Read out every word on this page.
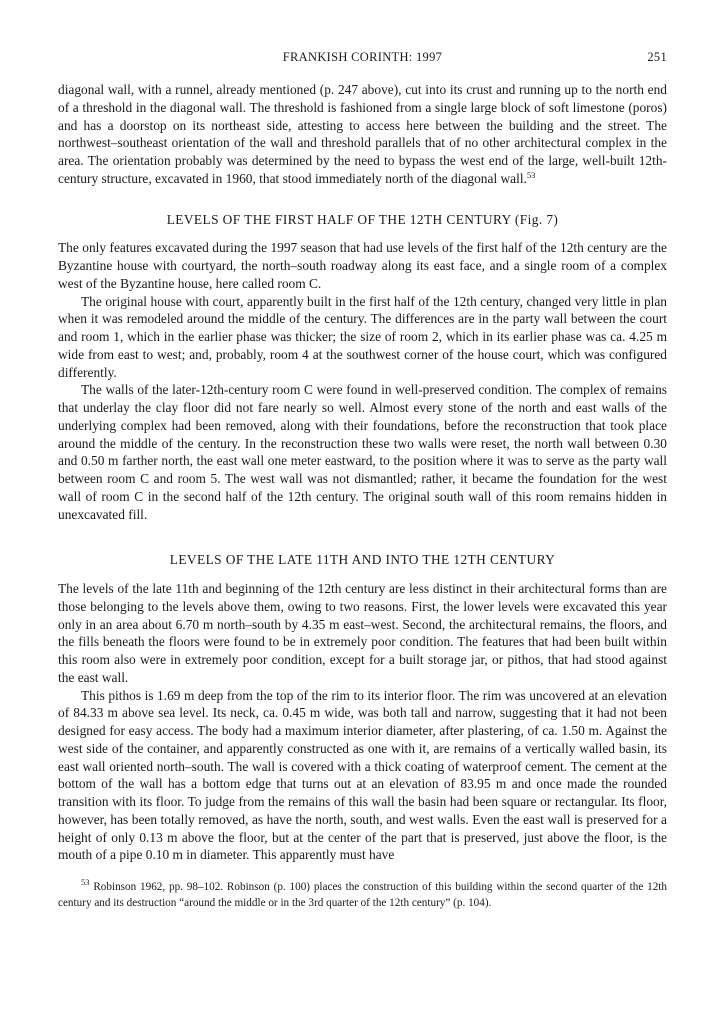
FRANKISH CORINTH: 1997	251

diagonal wall, with a runnel, already mentioned (p. 247 above), cut into its crust and running up to the north end of a threshold in the diagonal wall. The threshold is fashioned from a single large block of soft limestone (poros) and has a doorstop on its northeast side, attesting to access here between the building and the street. The northwest–southeast orientation of the wall and threshold parallels that of no other architectural complex in the area. The orientation probably was determined by the need to bypass the west end of the large, well-built 12th-century structure, excavated in 1960, that stood immediately north of the diagonal wall.$^{53}$

LEVELS OF THE FIRST HALF OF THE 12TH CENTURY (Fig. 7)

The only features excavated during the 1997 season that had use levels of the first half of the 12th century are the Byzantine house with courtyard, the north–south roadway along its east face, and a single room of a complex west of the Byzantine house, here called room C.

The original house with court, apparently built in the first half of the 12th century, changed very little in plan when it was remodeled around the middle of the century. The differences are in the party wall between the court and room 1, which in the earlier phase was thicker; the size of room 2, which in its earlier phase was ca. 4.25 m wide from east to west; and, probably, room 4 at the southwest corner of the house court, which was configured differently.

The walls of the later-12th-century room C were found in well-preserved condition. The complex of remains that underlay the clay floor did not fare nearly so well. Almost every stone of the north and east walls of the underlying complex had been removed, along with their foundations, before the reconstruction that took place around the middle of the century. In the reconstruction these two walls were reset, the north wall between 0.30 and 0.50 m farther north, the east wall one meter eastward, to the position where it was to serve as the party wall between room C and room 5. The west wall was not dismantled; rather, it became the foundation for the west wall of room C in the second half of the 12th century. The original south wall of this room remains hidden in unexcavated fill.

LEVELS OF THE LATE 11TH AND INTO THE 12TH CENTURY

The levels of the late 11th and beginning of the 12th century are less distinct in their architectural forms than are those belonging to the levels above them, owing to two reasons. First, the lower levels were excavated this year only in an area about 6.70 m north–south by 4.35 m east–west. Second, the architectural remains, the floors, and the fills beneath the floors were found to be in extremely poor condition. The features that had been built within this room also were in extremely poor condition, except for a built storage jar, or pithos, that had stood against the east wall.

This pithos is 1.69 m deep from the top of the rim to its interior floor. The rim was uncovered at an elevation of 84.33 m above sea level. Its neck, ca. 0.45 m wide, was both tall and narrow, suggesting that it had not been designed for easy access. The body had a maximum interior diameter, after plastering, of ca. 1.50 m. Against the west side of the container, and apparently constructed as one with it, are remains of a vertically walled basin, its east wall oriented north–south. The wall is covered with a thick coating of waterproof cement. The cement at the bottom of the wall has a bottom edge that turns out at an elevation of 83.95 m and once made the rounded transition with its floor. To judge from the remains of this wall the basin had been square or rectangular. Its floor, however, has been totally removed, as have the north, south, and west walls. Even the east wall is preserved for a height of only 0.13 m above the floor, but at the center of the part that is preserved, just above the floor, is the mouth of a pipe 0.10 m in diameter. This apparently must have

$^{53}$ Robinson 1962, pp. 98–102. Robinson (p. 100) places the construction of this building within the second quarter of the 12th century and its destruction “around the middle or in the 3rd quarter of the 12th century” (p. 104).
